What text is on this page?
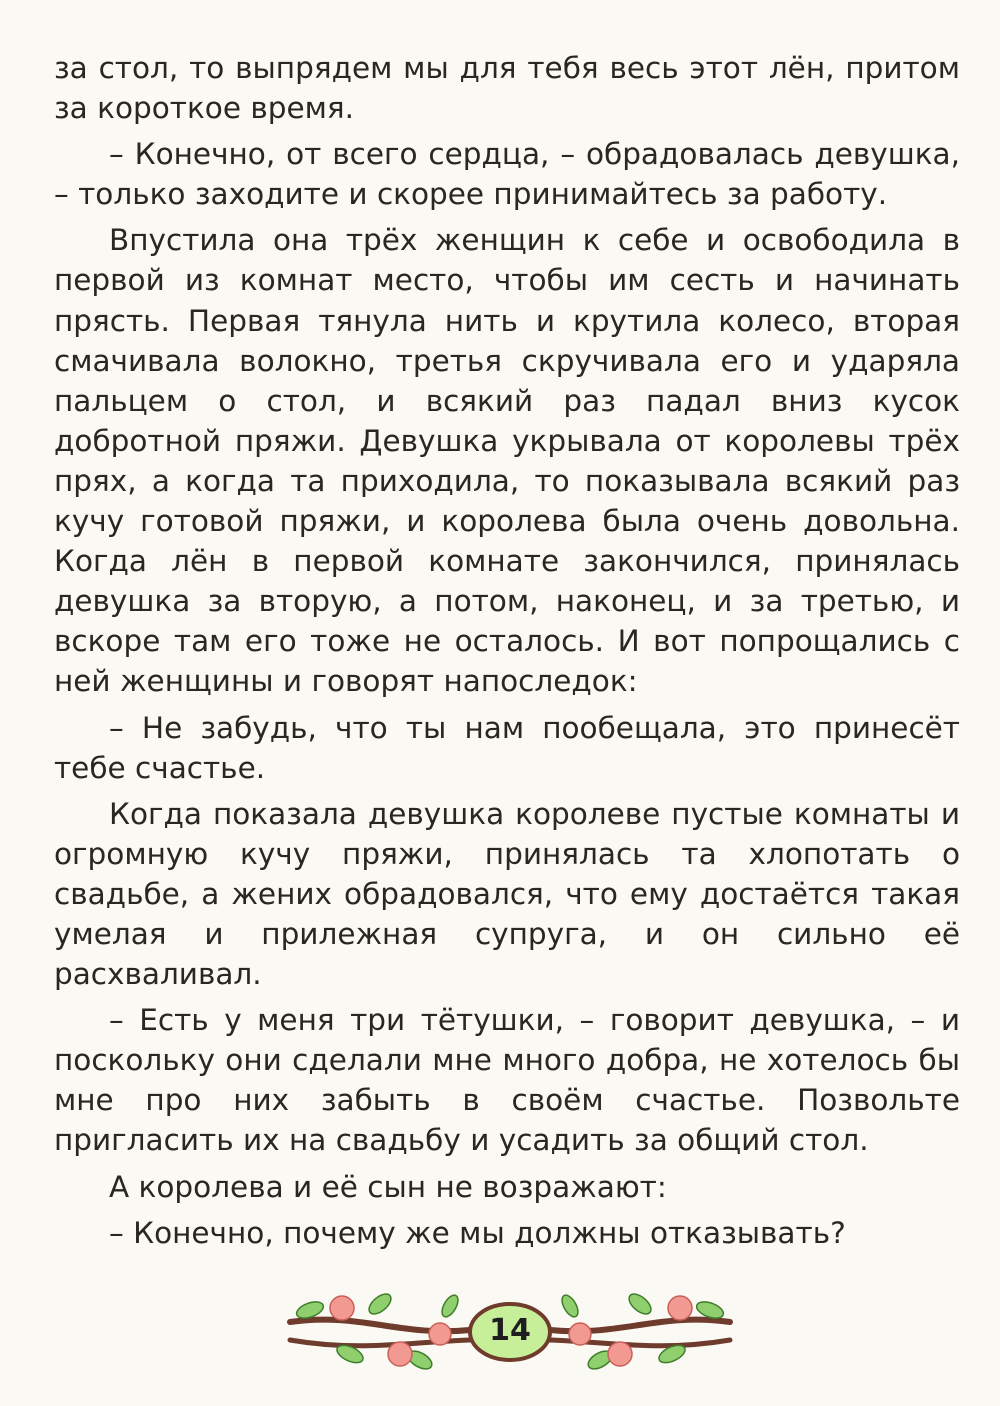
за стол, то выпрядем мы для тебя весь этот лён, притом за короткое время.

– Конечно, от всего сердца, – обрадовалась девушка, – только заходите и скорее принимайтесь за работу.

Впустила она трёх женщин к себе и освободила в первой из комнат место, чтобы им сесть и начинать прясть. Первая тянула нить и крутила колесо, вторая смачивала волокно, третья скручивала его и ударяла пальцем о стол, и всякий раз падал вниз кусок добротной пряжи. Девушка укрывала от королевы трёх прях, а когда та приходила, то показывала всякий раз кучу готовой пряжи, и королева была очень довольна. Когда лён в первой комнате закончился, принялась девушка за вторую, а потом, наконец, и за третью, и вскоре там его тоже не осталось. И вот попрощались с ней женщины и говорят напоследок:

– Не забудь, что ты нам пообещала, это принесёт тебе счастье.

Когда показала девушка королеве пустые комнаты и огромную кучу пряжи, принялась та хлопотать о свадьбе, а жених обрадовался, что ему достаётся такая умелая и прилежная супруга, и он сильно её расхваливал.

– Есть у меня три тётушки, – говорит девушка, – и поскольку они сделали мне много добра, не хотелось бы мне про них забыть в своём счастье. Позвольте пригласить их на свадьбу и усадить за общий стол.

А королева и её сын не возражают:

– Конечно, почему же мы должны отказывать?

14
